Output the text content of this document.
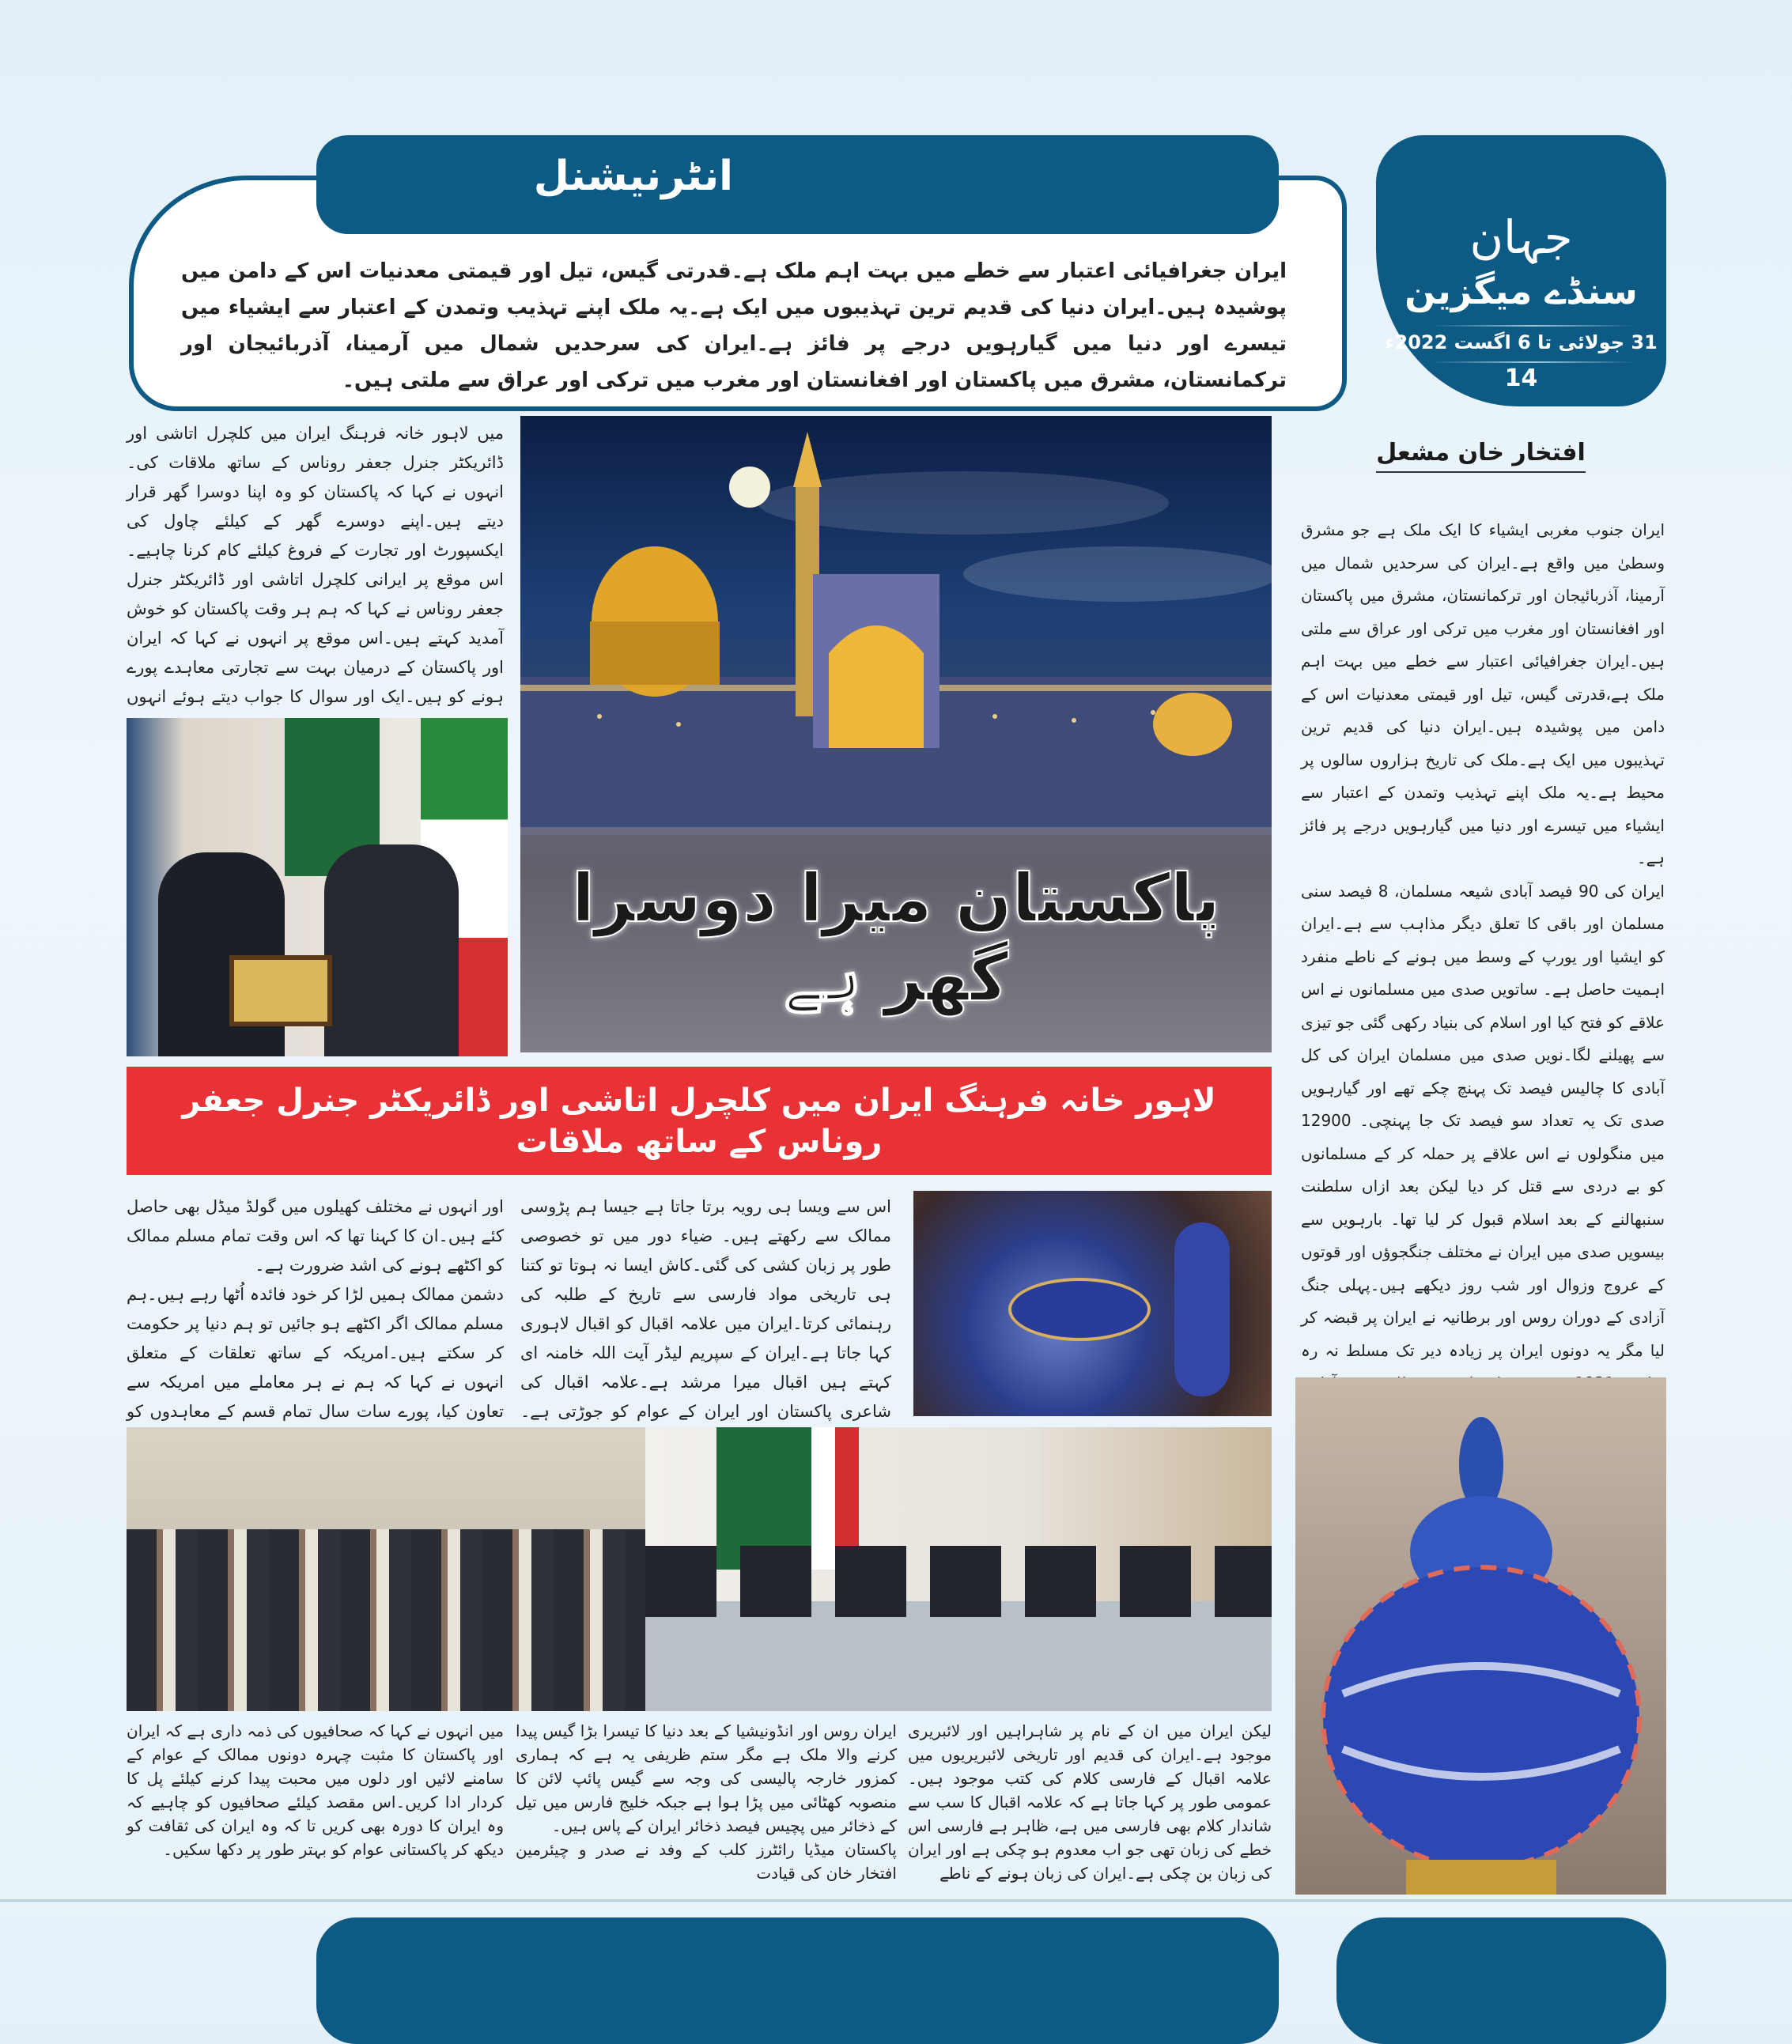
انٹرنیشنل
ایران جغرافیائی اعتبار سے خطے میں بہت اہم ملک ہے۔قدرتی گیس، تیل اور قیمتی معدنیات اس کے دامن میں پوشیدہ ہیں۔ایران دنیا کی قدیم ترین تہذیبوں میں ایک ہے۔یہ ملک اپنے تہذیب وتمدن کے اعتبار سے ایشیاء میں تیسرے اور دنیا میں گیارہویں درجے پر فائز ہے۔ایران کی سرحدیں شمال میں آرمینا، آذربائیجان اور ترکمانستان، مشرق میں پاکستان اور افغانستان اور مغرب میں ترکی اور عراق سے ملتی ہیں۔
جہان
سنڈے میگزین
31 جولائی تا 6 اگست 2022ء
14
میں لاہور خانہ فرہنگ ایران میں کلچرل اتاشی اور ڈائریکٹر جنرل جعفر روناس کے ساتھ ملاقات کی۔ انہوں نے کہا کہ پاکستان کو وہ اپنا دوسرا گھر قرار دیتے ہیں۔اپنے دوسرے گھر کے کیلئے چاول کی ایکسپورٹ اور تجارت کے فروغ کیلئے کام کرنا چاہیے۔اس موقع پر ایرانی کلچرل اتاشی اور ڈائریکٹر جنرل جعفر روناس نے کہا کہ ہم ہر وقت پاکستان کو خوش آمدید کہتے ہیں۔اس موقع پر انہوں نے کہا کہ ایران اور پاکستان کے درمیان بہت سے تجارتی معاہدے پورے ہونے کو ہیں۔ایک اور سوال کا جواب دیتے ہوئے انہوں
پاکستان میرا دوسرا گھر ہے
لاہور خانہ فرہنگ ایران میں کلچرل اتاشی اور ڈائریکٹر جنرل جعفر روناس کے ساتھ ملاقات

اور انہوں نے مختلف کھیلوں میں گولڈ میڈل بھی حاصل کئے ہیں۔ان کا کہنا تھا کہ اس وقت تمام مسلم ممالک کو اکٹھے ہونے کی اشد ضرورت ہے۔

دشمن ممالک ہمیں لڑا کر خود فائدہ اُٹھا رہے ہیں۔ہم مسلم ممالک اگر اکٹھے ہو جائیں تو ہم دنیا پر حکومت کر سکتے ہیں۔امریکہ کے ساتھ تعلقات کے متعلق انہوں نے کہا کہ ہم نے ہر معاملے میں امریکہ سے تعاون کیا، پورے سات سال تمام قسم کے معاہدوں کو

اس سے ویسا ہی رویہ برتا جاتا ہے جیسا ہم پڑوسی ممالک سے رکھتے ہیں۔ ضیاء دور میں تو خصوصی طور پر زبان کشی کی گئی۔کاش ایسا نہ ہوتا تو کتنا ہی تاریخی مواد فارسی سے تاریخ کے طلبہ کی رہنمائی کرتا۔ایران میں علامہ اقبال کو اقبال لاہوری کہا جاتا ہے۔ایران کے سپریم لیڈر آیت اللہ خامنہ ای کہتے ہیں اقبال میرا مرشد ہے۔علامہ اقبال کی شاعری پاکستان اور ایران کے عوام کو جوڑتی ہے۔
افتخار خان مشعل

ایران جنوب مغربی ایشیاء کا ایک ملک ہے جو مشرق وسطیٰ میں واقع ہے۔ایران کی سرحدیں شمال میں آرمینا، آذربائیجان اور ترکمانستان، مشرق میں پاکستان اور افغانستان اور مغرب میں ترکی اور عراق سے ملتی ہیں۔ایران جغرافیائی اعتبار سے خطے میں بہت اہم ملک ہے،قدرتی گیس، تیل اور قیمتی معدنیات اس کے دامن میں پوشیدہ ہیں۔ایران دنیا کی قدیم ترین تہذیبوں میں ایک ہے۔ملک کی تاریخ ہزاروں سالوں پر محیط ہے۔یہ ملک اپنے تہذیب وتمدن کے اعتبار سے ایشیاء میں تیسرے اور دنیا میں گیارہویں درجے پر فائز ہے۔

ایران کی 90 فیصد آبادی شیعہ مسلمان، 8 فیصد سنی مسلمان اور باقی کا تعلق دیگر مذاہب سے ہے۔ایران کو ایشیا اور یورپ کے وسط میں ہونے کے ناطے منفرد اہمیت حاصل ہے۔ ساتویں صدی میں مسلمانوں نے اس علاقے کو فتح کیا اور اسلام کی بنیاد رکھی گئی جو تیزی سے پھیلنے لگا۔نویں صدی میں مسلمان ایران کی کل آبادی کا چالیس فیصد تک پہنچ چکے تھے اور گیارہویں صدی تک یہ تعداد سو فیصد تک جا پہنچی۔ 12900 میں منگولوں نے اس علاقے پر حملہ کر کے مسلمانوں کو بے دردی سے قتل کر دیا لیکن بعد ازاں سلطنت سنبھالنے کے بعد اسلام قبول کر لیا تھا۔ بارہویں سے بیسویں صدی میں ایران نے مختلف جنگجوؤں اور قوتوں کے عروج وزوال اور شب روز دیکھے ہیں۔پہلی جنگ آزادی کے دوران روس اور برطانیہ نے ایران پر قبضہ کر لیا مگر یہ دونوں ایران پر زیادہ دیر تک مسلط نہ رہ

میں انہوں نے کہا کہ صحافیوں کی ذمہ داری ہے کہ ایران اور پاکستان کا مثبت چہرہ دونوں ممالک کے عوام کے سامنے لائیں اور دلوں میں محبت پیدا کرنے کیلئے پل کا کردار ادا کریں۔اس مقصد کیلئے صحافیوں کو چاہیے کہ وہ ایران کا دورہ بھی کریں تا کہ وہ ایران کی ثقافت کو دیکھ کر پاکستانی عوام کو بہتر طور پر دکھا سکیں۔

ایران روس اور انڈونیشیا کے بعد دنیا کا تیسرا بڑا گیس پیدا کرنے والا ملک ہے مگر ستم ظریفی یہ ہے کہ ہماری کمزور خارجہ پالیسی کی وجہ سے گیس پائپ لائن کا منصوبہ کھٹائی میں پڑا ہوا ہے جبکہ خلیج فارس میں تیل کے ذخائر میں پچیس فیصد ذخائر ایران کے پاس ہیں۔

پاکستان میڈیا رائٹرز کلب کے وفد نے صدر و چیئرمین افتخار خان کی قیادت

لیکن ایران میں ان کے نام پر شاہراہیں اور لائبریری موجود ہے۔ایران کی قدیم اور تاریخی لائبریریوں میں علامہ اقبال کے فارسی کلام کی کتب موجود ہیں۔عمومی طور پر کہا جاتا ہے کہ علامہ اقبال کا سب سے شاندار کلام بھی فارسی میں ہے، ظاہر ہے فارسی اس خطے کی زبان تھی جو اب معدوم ہو چکی ہے اور ایران کی زبان بن چکی ہے۔ایران کی زبان ہونے کے ناطے
